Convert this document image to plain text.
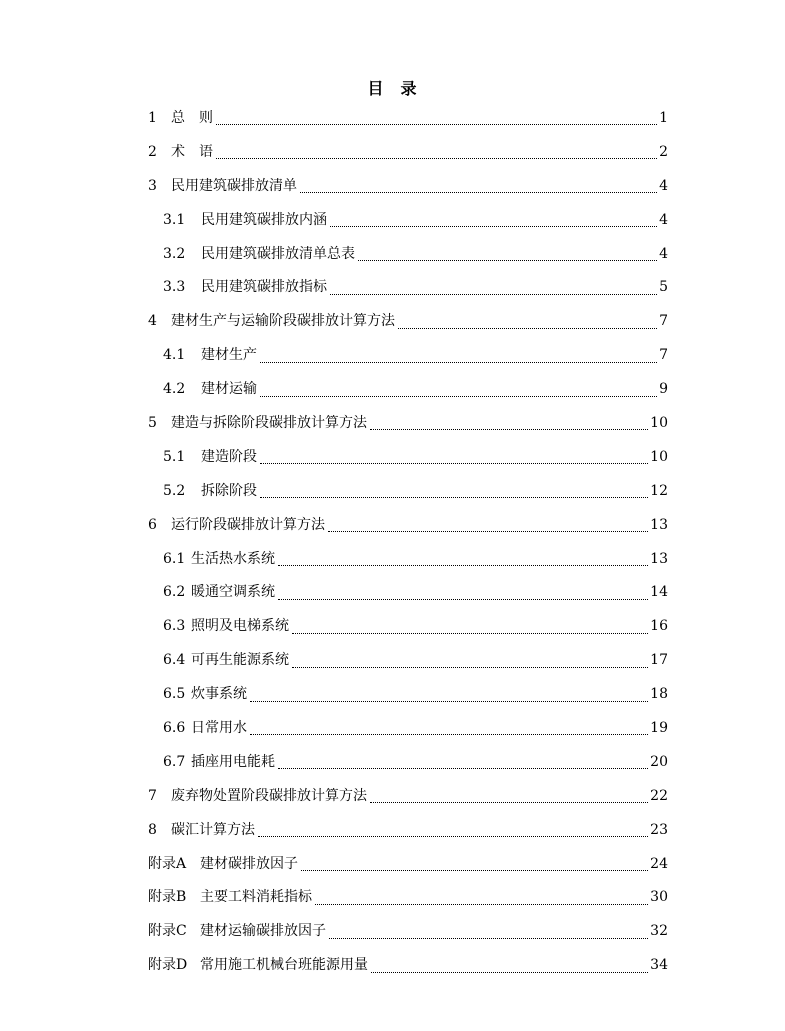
目 录
1	总　则	1
2	术　语	2
3	民用建筑碳排放清单	4
3.1	民用建筑碳排放内涵	4
3.2	民用建筑碳排放清单总表	4
3.3	民用建筑碳排放指标	5
4	建材生产与运输阶段碳排放计算方法	7
4.1	建材生产	7
4.2	建材运输	9
5	建造与拆除阶段碳排放计算方法	10
5.1	建造阶段	10
5.2	拆除阶段	12
6	运行阶段碳排放计算方法	13
6.1 生活热水系统	13
6.2 暖通空调系统	14
6.3 照明及电梯系统	16
6.4 可再生能源系统	17
6.5 炊事系统	18
6.6 日常用水	19
6.7 插座用电能耗	20
7	废弃物处置阶段碳排放计算方法	22
8	碳汇计算方法	23
附录A 建材碳排放因子	24
附录B 主要工料消耗指标	30
附录C 建材运输碳排放因子	32
附录D 常用施工机械台班能源用量	34
